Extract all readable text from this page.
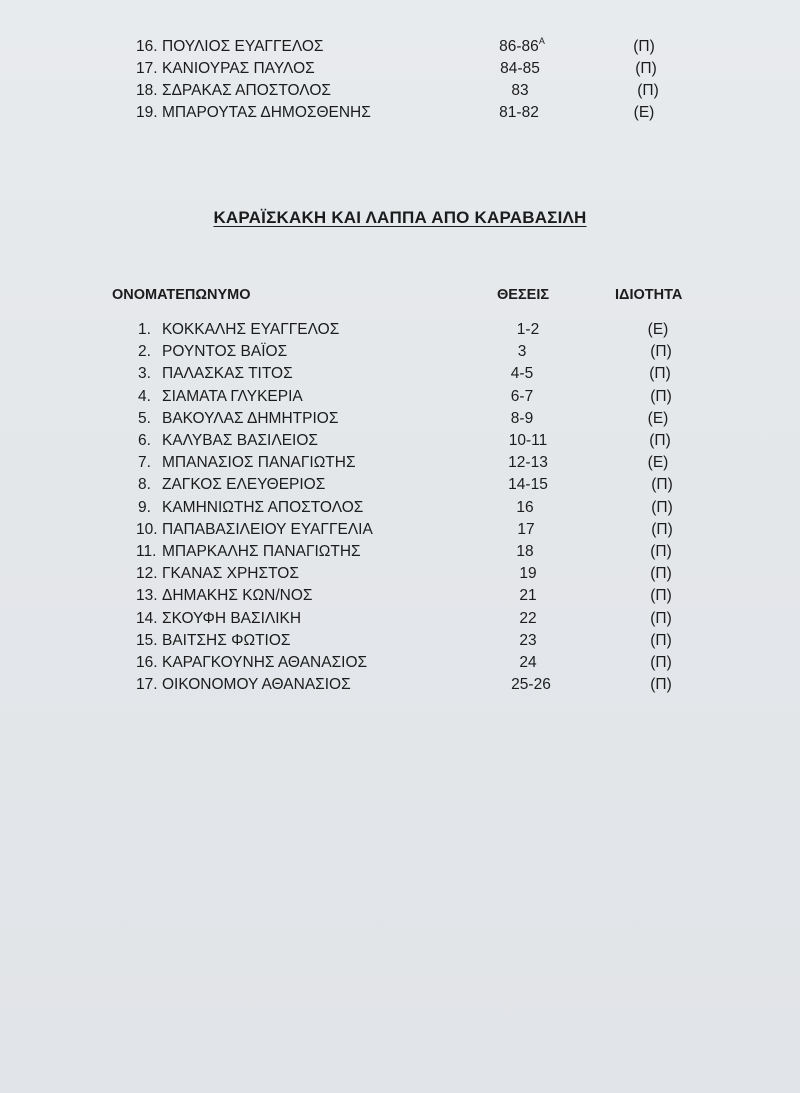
16. ΠΟΥΛΙΟΣ ΕΥΑΓΓΕΛΟΣ	$86-86^A$	(Π)
17. ΚΑΝΙΟΥΡΑΣ ΠΑΥΛΟΣ	84-85	(Π)
18. ΣΔΡΑΚΑΣ ΑΠΟΣΤΟΛΟΣ	83	(Π)
19. ΜΠΑΡΟΥΤΑΣ ΔΗΜΟΣΘΕΝΗΣ	81-82	(Ε)
ΚΑΡΑΪΣΚΑΚΗ ΚΑΙ ΛΑΠΠΑ ΑΠΟ ΚΑΡΑΒΑΣΙΛΗ
ΟΝΟΜΑΤΕΠΩΝΥΜΟ	ΘΕΣΕΙΣ	ΙΔΙΟΤΗΤΑ
1. ΚΟΚΚΑΛΗΣ ΕΥΑΓΓΕΛΟΣ	1-2	(Ε)
2. ΡΟΥΝΤΟΣ ΒΑΪΟΣ	3	(Π)
3. ΠΑΛΑΣΚΑΣ ΤΙΤΟΣ	4-5	(Π)
4. ΣΙΑΜΑΤΑ ΓΛΥΚΕΡΙΑ	6-7	(Π)
5. ΒΑΚΟΥΛΑΣ ΔΗΜΗΤΡΙΟΣ	8-9	(Ε)
6. ΚΑΛΥΒΑΣ ΒΑΣΙΛΕΙΟΣ	10-11	(Π)
7. ΜΠΑΝΑΣΙΟΣ ΠΑΝΑΓΙΩΤΗΣ	12-13	(Ε)
8. ΖΑΓΚΟΣ ΕΛΕΥΘΕΡΙΟΣ	14-15	(Π)
9. ΚΑΜΗΝΙΩΤΗΣ ΑΠΟΣΤΟΛΟΣ	16	(Π)
10. ΠΑΠΑΒΑΣΙΛΕΙΟΥ ΕΥΑΓΓΕΛΙΑ	17	(Π)
11. ΜΠΑΡΚΑΛΗΣ ΠΑΝΑΓΙΩΤΗΣ	18	(Π)
12. ΓΚΑΝΑΣ ΧΡΗΣΤΟΣ	19	(Π)
13. ΔΗΜΑΚΗΣ ΚΩΝ/ΝΟΣ	21	(Π)
14. ΣΚΟΥΦΗ ΒΑΣΙΛΙΚΗ	22	(Π)
15. ΒΑΙΤΣΗΣ ΦΩΤΙΟΣ	23	(Π)
16. ΚΑΡΑΓΚΟΥΝΗΣ ΑΘΑΝΑΣΙΟΣ	24	(Π)
17. ΟΙΚΟΝΟΜΟΥ ΑΘΑΝΑΣΙΟΣ	25-26	(Π)
